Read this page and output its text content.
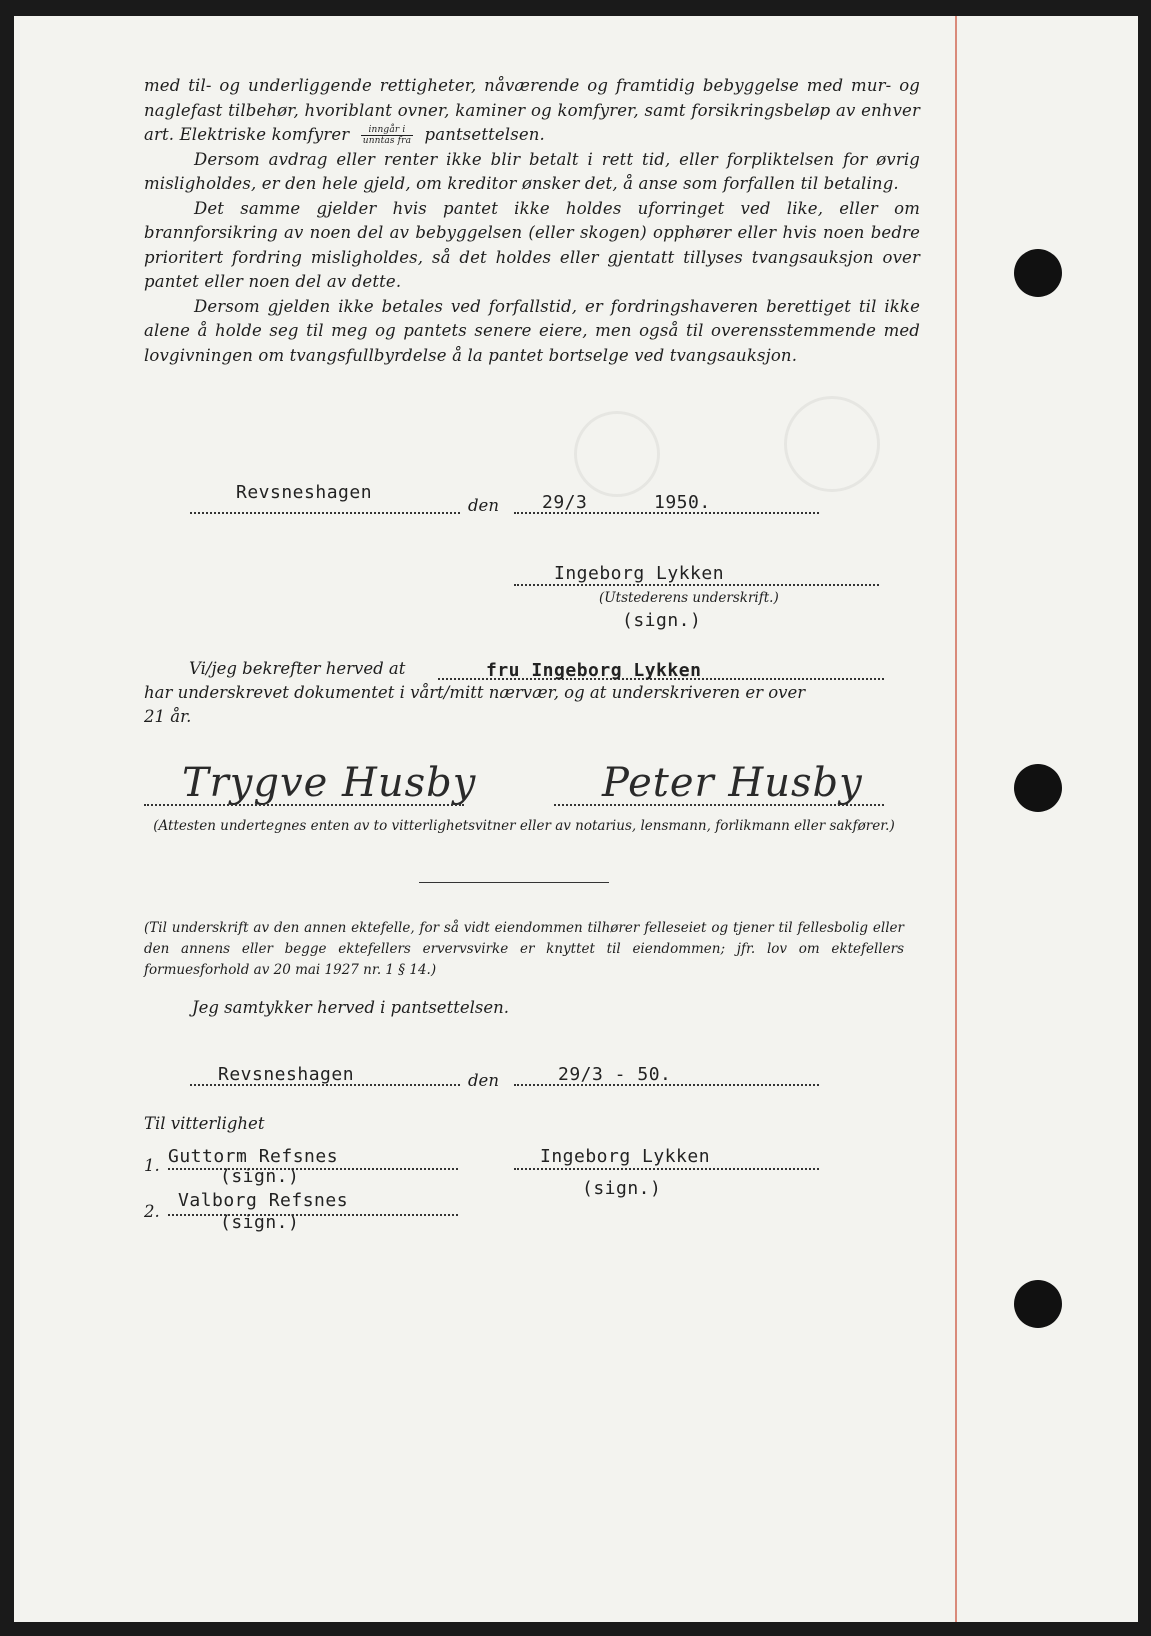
med til- og underliggende rettigheter, nåværende og framtidig bebyggelse med mur- og naglefast tilbehør, hvoriblant ovner, kaminer og komfyrer, samt forsikringsbeløp av enhver art. Elektriske komfyrer $\frac{\text{inngår i}}{\text{unntas fra}}$ pantsettelsen.

Dersom avdrag eller renter ikke blir betalt i rett tid, eller forpliktelsen for øvrig misligholdes, er den hele gjeld, om kreditor ønsker det, å anse som forfallen til betaling.

Det samme gjelder hvis pantet ikke holdes uforringet ved like, eller om brannforsikring av noen del av bebyggelsen (eller skogen) opphører eller hvis noen bedre prioritert fordring misligholdes, så det holdes eller gjentatt tillyses tvangsauksjon over pantet eller noen del av dette.

Dersom gjelden ikke betales ved forfallstid, er fordringshaveren berettiget til ikke alene å holde seg til meg og pantets senere eiere, men også til overensstemmende med lovgivningen om tvangsfullbyrdelse å la pantet bortselge ved tvangsauksjon.

Revsneshagen
den 29/3	1950.
Ingeborg Lykken
(Utstederens underskrift.)
(sign.)
Vi/jeg bekrefter herved at	fru Ingeborg Lykken
har underskrevet dokumentet i vårt/mitt nærvær, og at underskriveren er over
21 år.
Trygve Husby	Peter Husby
(Attesten undertegnes enten av to vitterlighetsvitner eller av notarius, lensmann, forlikmann eller sakfører.)
(Til underskrift av den annen ektefelle, for så vidt eiendommen tilhører felleseiet og tjener til fellesbolig eller den annens eller begge ektefellers ervervsvirke er knyttet til eiendommen; jfr. lov om ektefellers formuesforhold av 20 mai 1927 nr. 1 § 14.)
Jeg samtykker herved i pantsettelsen.
Revsneshagen	den	29/3 - 50.
Til vitterlighet
1. Guttorm Refsnes
(sign.)
2.
Valborg Refsnes
(sign.)
Ingeborg Lykken
(sign.)
